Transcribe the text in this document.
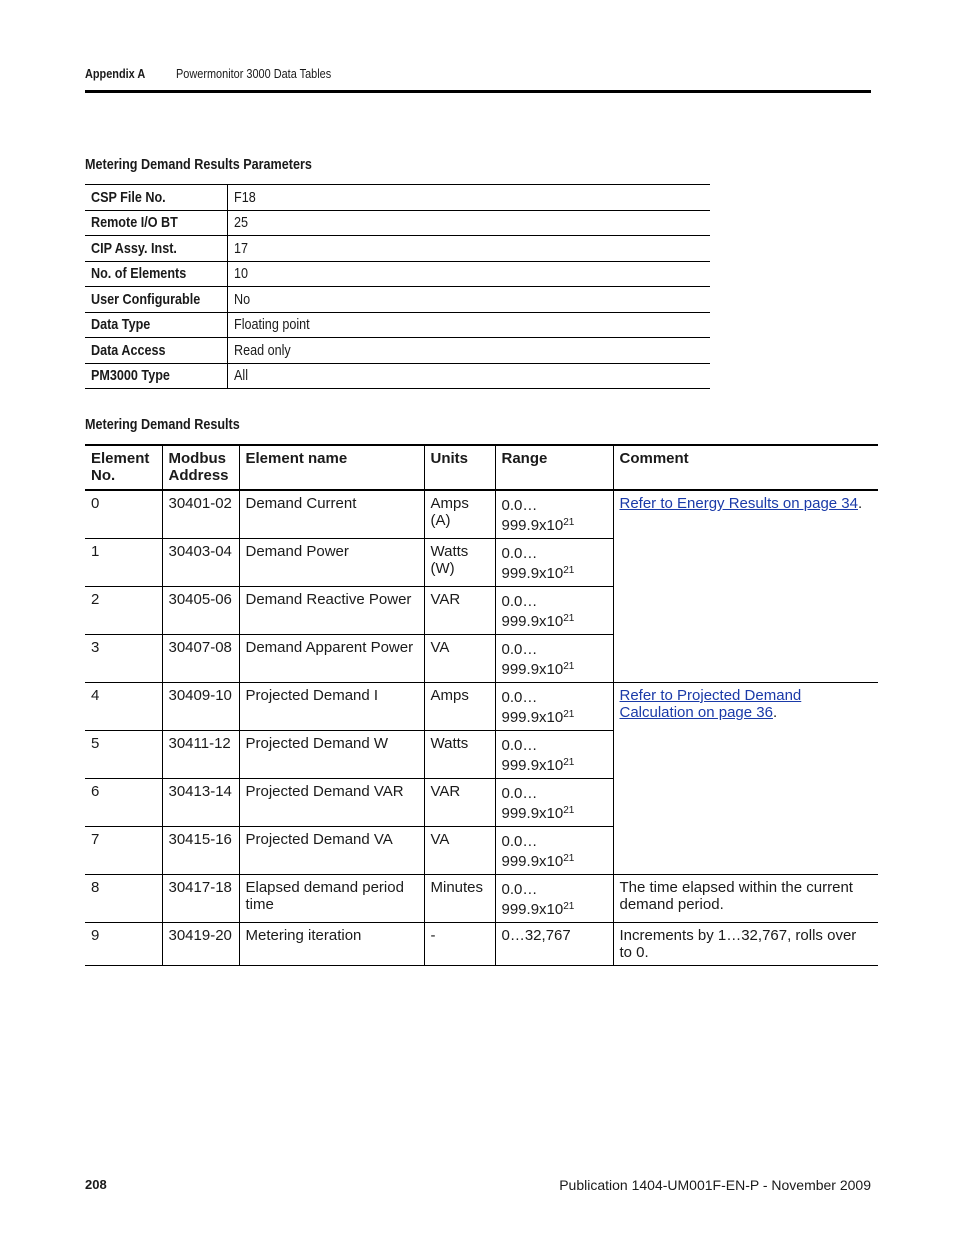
Appendix A Powermonitor 3000 Data Tables
Metering Demand Results Parameters
CSP File No.	F18
Remote I/O BT	25
CIP Assy. Inst.	17
No. of Elements	10
User Configurable	No
Data Type	Floating point
Data Access	Read only
PM3000 Type	All
Metering Demand Results
Element No.	Modbus Address	Element name	Units	Range	Comment
0	30401-02	Demand Current	Amps (A)	$0.0\dots 999.9x10^{21}$	Refer to Energy Results on page 34.
1	30403-04	Demand Power	Watts (W)	$0.0\dots 999.9x10^{21}$
2	30405-06	Demand Reactive Power	VAR	$0.0\dots 999.9x10^{21}$
3	30407-08	Demand Apparent Power	VA	$0.0\dots 999.9x10^{21}$
4	30409-10	Projected Demand I	Amps	$0.0\dots 999.9x10^{21}$	Refer to Projected Demand Calculation on page 36.
5	30411-12	Projected Demand W	Watts	$0.0\dots 999.9x10^{21}$
6	30413-14	Projected Demand VAR	VAR	$0.0\dots 999.9x10^{21}$
7	30415-16	Projected Demand VA	VA	$0.0\dots 999.9x10^{21}$
8	30417-18	Elapsed demand period time	Minutes	$0.0\dots 999.9x10^{21}$	The time elapsed within the current demand period.
9	30419-20	Metering iteration	-	0…32,767	Increments by 1…32,767, rolls over to 0.
208	Publication 1404-UM001F-EN-P - November 2009
